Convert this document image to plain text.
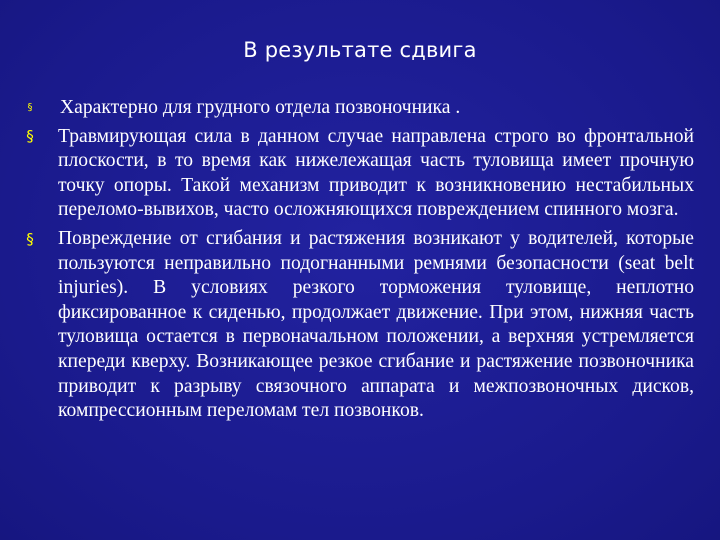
В результате сдвига
§ Характерно для грудного отдела позвоночника .
§ Травмирующая сила в данном случае направлена строго во фронтальной плоскости, в то время как нижележащая часть туловища имеет прочную точку опоры. Такой механизм приводит к возникновению нестабильных переломо-вывихов, часто осложняющихся повреждением спинного мозга.
§ Повреждение от сгибания и растяжения возникают у водителей, которые пользуются неправильно подогнанными ремнями безопасности (seat belt injuries). В условиях резкого торможения туловище, неплотно фиксированное к сиденью, продолжает движение. При этом, нижняя часть туловища остается в первоначальном положении, а верхняя устремляется кпереди кверху. Возникающее резкое сгибание и растяжение позвоночника приводит к разрыву связочного аппарата и межпозвоночных дисков, компрессионным переломам тел позвонков.
